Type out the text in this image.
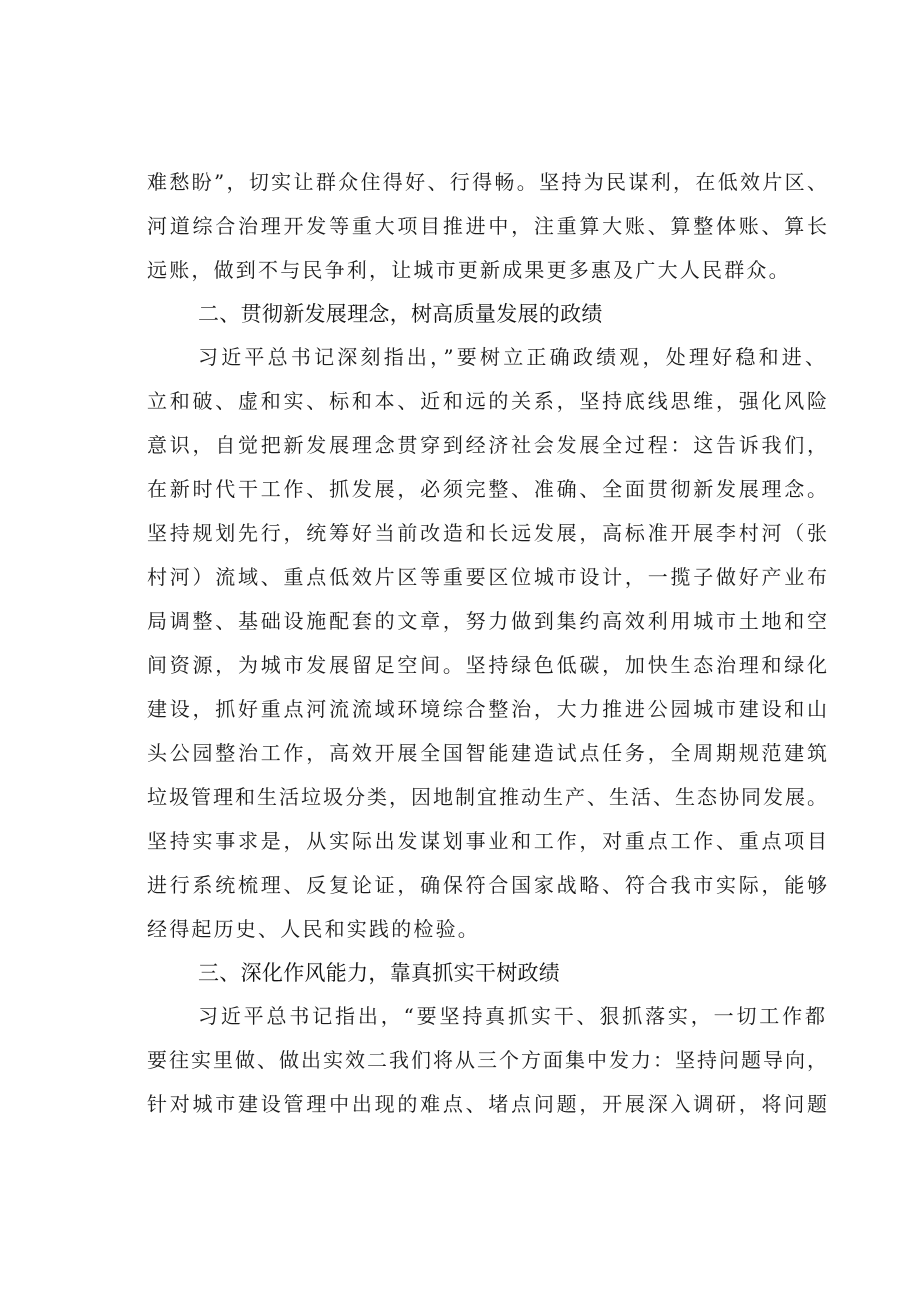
难愁盼”，切实让群众住得好、行得畅。坚持为民谋利，在低效片区、
河道综合治理开发等重大项目推进中，注重算大账、算整体账、算长
远账，做到不与民争利，让城市更新成果更多惠及广大人民群众。
二、贯彻新发展理念，树高质量发展的政绩
习近平总书记深刻指出，”要树立正确政绩观，处理好稳和进、
立和破、虚和实、标和本、近和远的关系，坚持底线思维，强化风险
意识，自觉把新发展理念贯穿到经济社会发展全过程：这告诉我们，
在新时代干工作、抓发展，必须完整、准确、全面贯彻新发展理念。
坚持规划先行，统筹好当前改造和长远发展，高标准开展李村河（张
村河）流域、重点低效片区等重要区位城市设计，一揽子做好产业布
局调整、基础设施配套的文章，努力做到集约高效利用城市土地和空
间资源，为城市发展留足空间。坚持绿色低碳，加快生态治理和绿化
建设，抓好重点河流流域环境综合整治，大力推进公园城市建设和山
头公园整治工作，高效开展全国智能建造试点任务，全周期规范建筑
垃圾管理和生活垃圾分类，因地制宜推动生产、生活、生态协同发展。
坚持实事求是，从实际出发谋划事业和工作，对重点工作、重点项目
进行系统梳理、反复论证，确保符合国家战略、符合我市实际，能够
经得起历史、人民和实践的检验。
三、深化作风能力，靠真抓实干树政绩
习近平总书记指出，“要坚持真抓实干、狠抓落实，一切工作都
要往实里做、做出实效二我们将从三个方面集中发力：坚持问题导向，
针对城市建设管理中出现的难点、堵点问题，开展深入调研，将问题
